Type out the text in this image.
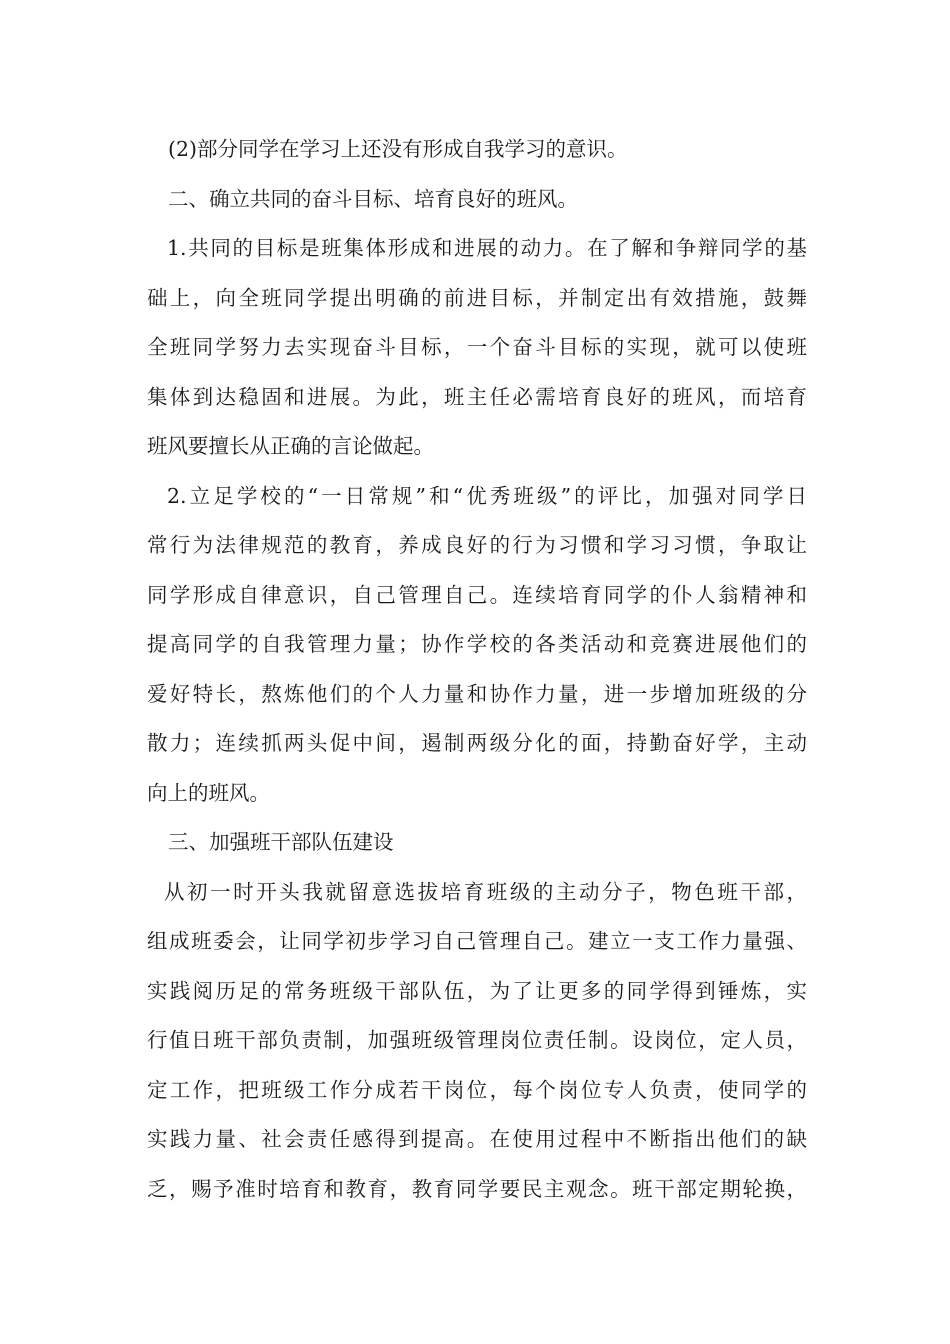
(2)部分同学在学习上还没有形成自我学习的意识。
二、确立共同的奋斗目标、培育良好的班风。
1.共同的目标是班集体形成和进展的动力。在了解和争辩同学的基
础上，向全班同学提出明确的前进目标，并制定出有效措施，鼓舞
全班同学努力去实现奋斗目标，一个奋斗目标的实现，就可以使班
集体到达稳固和进展。为此，班主任必需培育良好的班风，而培育
班风要擅长从正确的言论做起。
2.立足学校的“一日常规”和“优秀班级”的评比，加强对同学日
常行为法律规范的教育，养成良好的行为习惯和学习习惯，争取让
同学形成自律意识，自己管理自己。连续培育同学的仆人翁精神和
提高同学的自我管理力量；协作学校的各类活动和竞赛进展他们的
爱好特长，熬炼他们的个人力量和协作力量，进一步增加班级的分
散力；连续抓两头促中间，遏制两级分化的面，持勤奋好学，主动
向上的班风。
三、加强班干部队伍建设
从初一时开头我就留意选拔培育班级的主动分子，物色班干部，
组成班委会，让同学初步学习自己管理自己。建立一支工作力量强、
实践阅历足的常务班级干部队伍，为了让更多的同学得到锤炼，实
行值日班干部负责制，加强班级管理岗位责任制。设岗位，定人员，
定工作，把班级工作分成若干岗位，每个岗位专人负责，使同学的
实践力量、社会责任感得到提高。在使用过程中不断指出他们的缺
乏，赐予准时培育和教育，教育同学要民主观念。班干部定期轮换，
